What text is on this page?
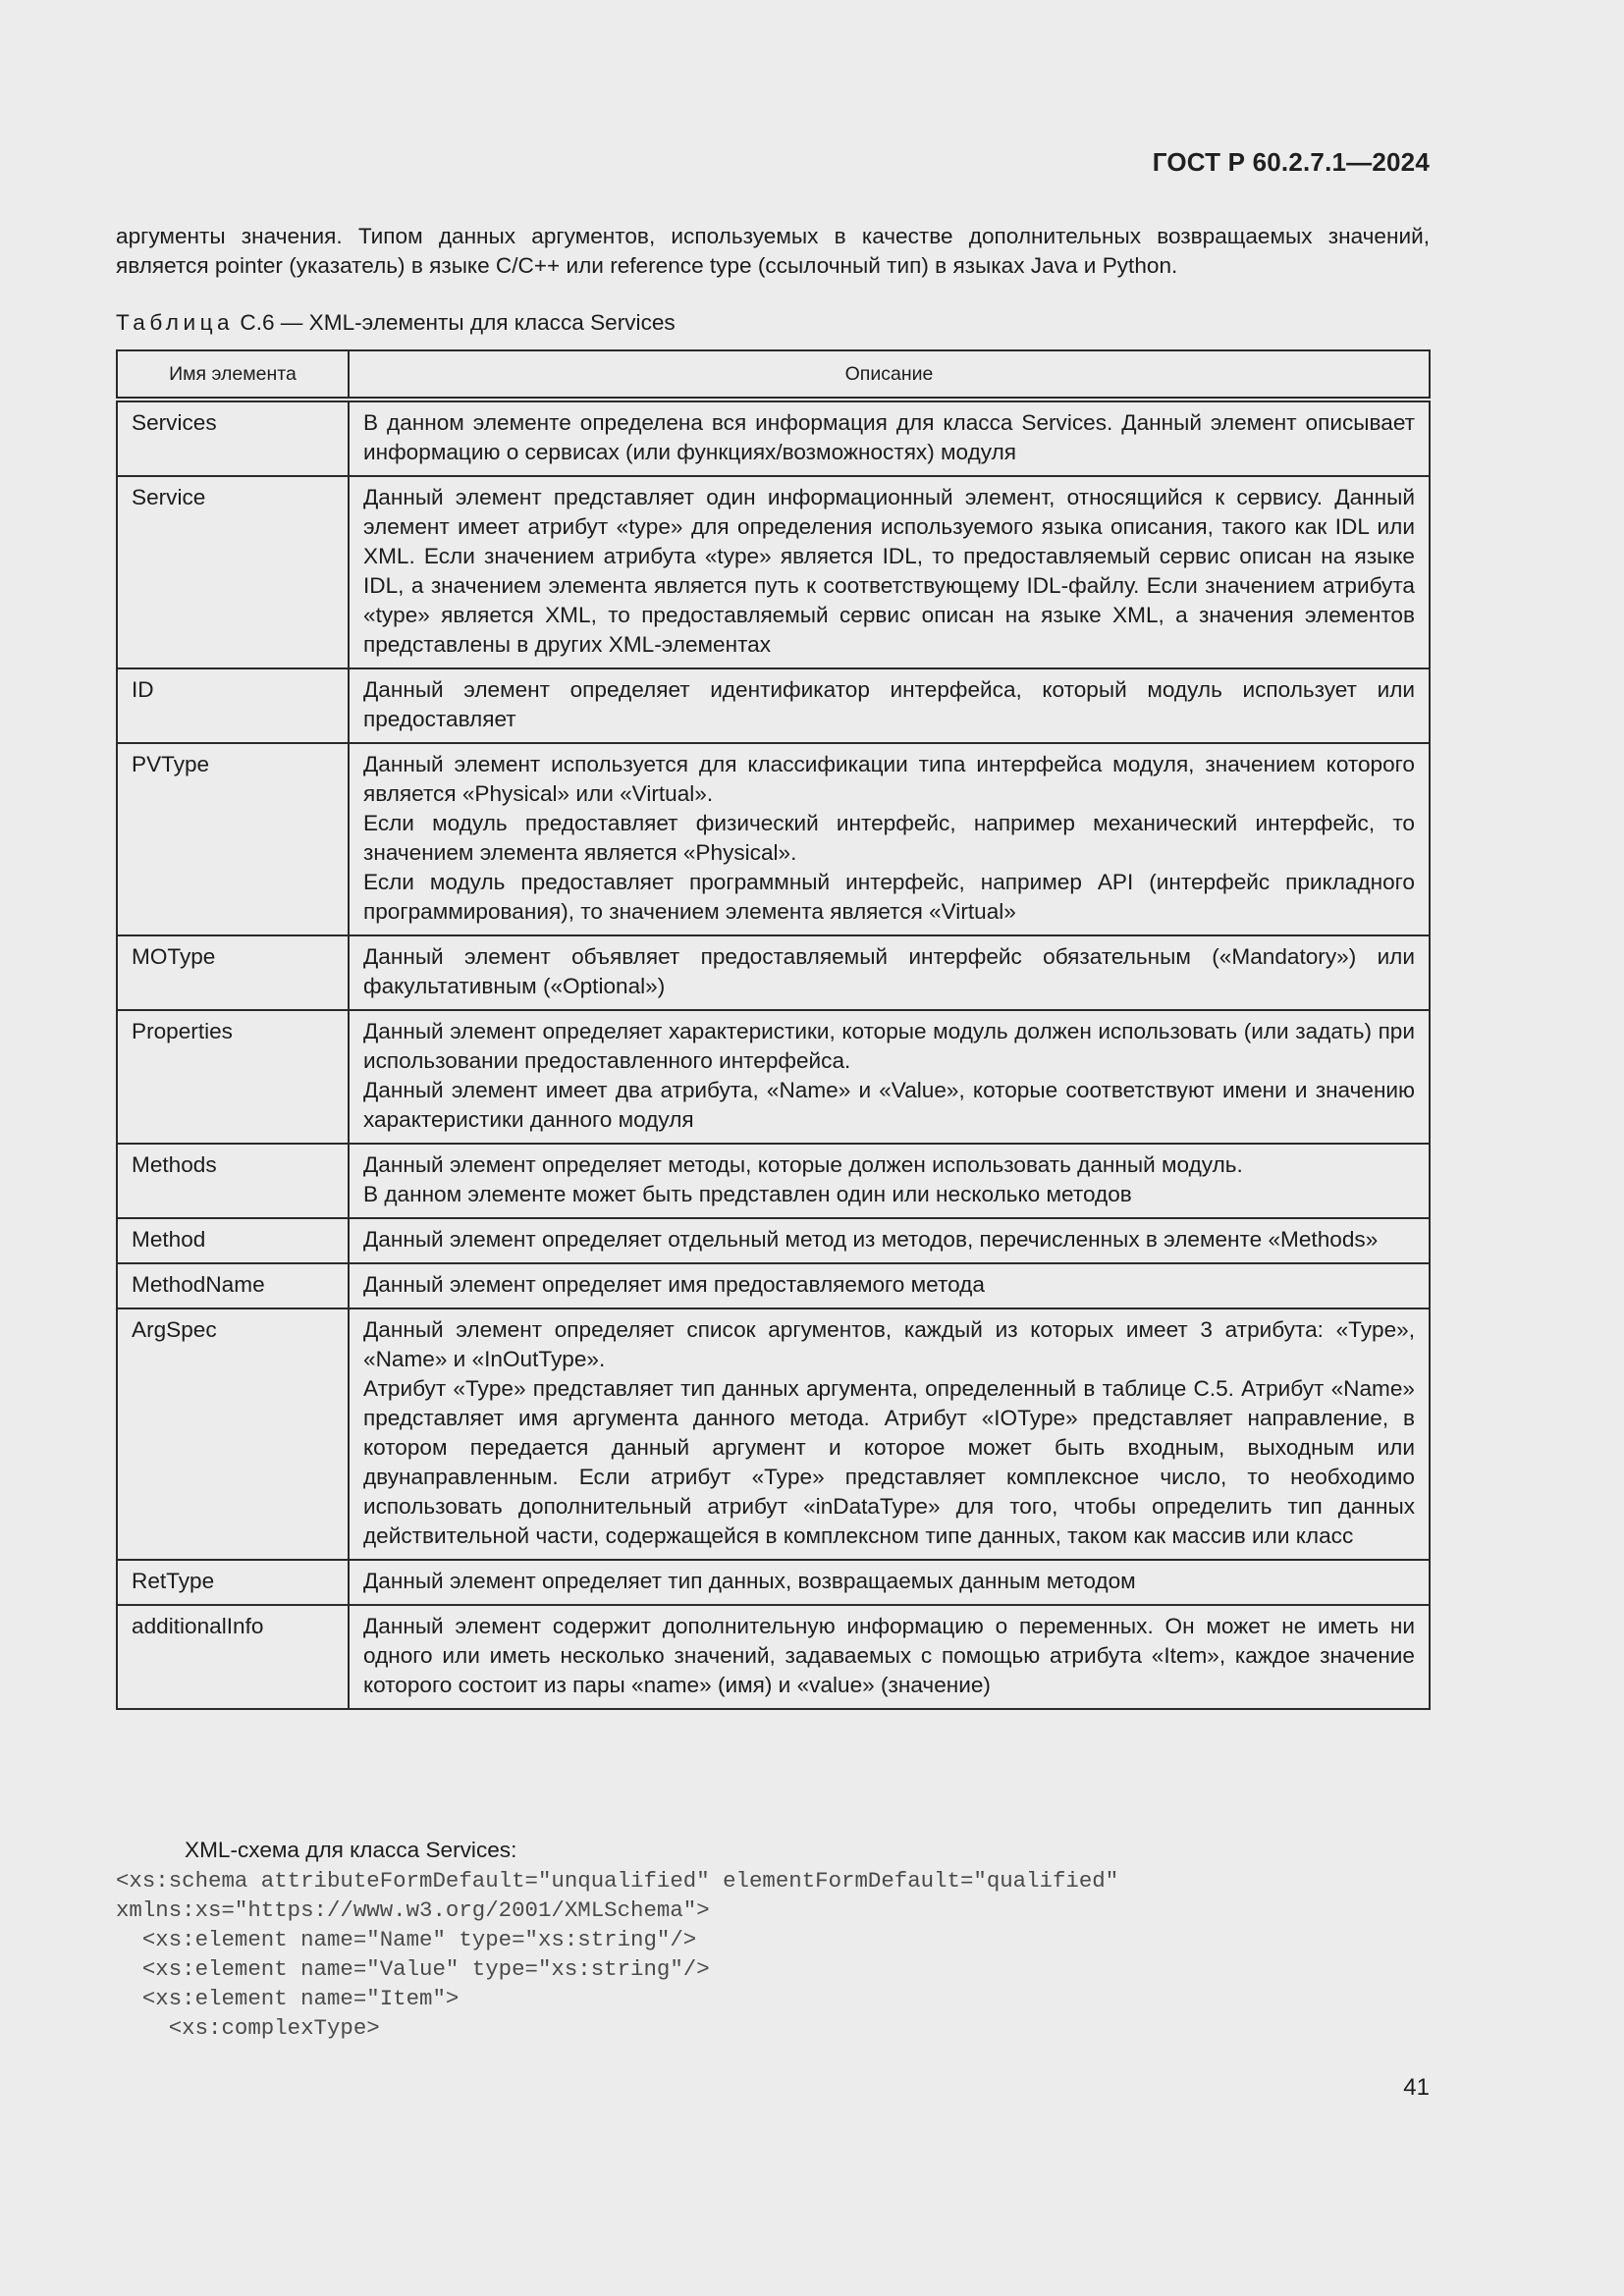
ГОСТ Р 60.2.7.1—2024

аргументы значения. Типом данных аргументов, используемых в качестве дополнительных возвращаемых значений, является pointer (указатель) в языке C/C++ или reference type (ссылочный тип) в языках Java и Python.

Таблица С.6 — XML-элементы для класса Services
Имя элемента	Описание
Services	В данном элементе определена вся информация для класса Services. Данный элемент описывает информацию о сервисах (или функциях/возможностях) модуля

Service	Данный элемент представляет один информационный элемент, относящийся к сервису. Данный элемент имеет атрибут «type» для определения используемого языка описания, такого как IDL или XML. Если значением атрибута «type» является IDL, то предоставляемый сервис описан на языке IDL, а значением элемента является путь к соответствующему IDL-файлу. Если значением атрибута «type» является XML, то предоставляемый сервис описан на языке XML, а значения элементов представлены в других XML-элементах

ID	Данный элемент определяет идентификатор интерфейса, который модуль использует или предоставляет

PVType	Данный элемент используется для классификации типа интерфейса модуля, значением которого является «Physical» или «Virtual».
Если модуль предоставляет физический интерфейс, например механический интерфейс, то значением элемента является «Physical».
Если модуль предоставляет программный интерфейс, например API (интерфейс прикладного программирования), то значением элемента является «Virtual»

MOType	Данный элемент объявляет предоставляемый интерфейс обязательным («Mandatory») или факультативным («Optional»)

Properties	Данный элемент определяет характеристики, которые модуль должен использовать (или задать) при использовании предоставленного интерфейса.
Данный элемент имеет два атрибута, «Name» и «Value», которые соответствуют имени и значению характеристики данного модуля

Methods	Данный элемент определяет методы, которые должен использовать данный модуль.
В данном элементе может быть представлен один или несколько методов

Method	Данный элемент определяет отдельный метод из методов, перечисленных в элементе «Methods»

MethodName	Данный элемент определяет имя предоставляемого метода

ArgSpec	Данный элемент определяет список аргументов, каждый из которых имеет 3 атрибута: «Type», «Name» и «InOutType».
Атрибут «Type» представляет тип данных аргумента, определенный в таблице С.5. Атрибут «Name» представляет имя аргумента данного метода. Атрибут «IOType» представляет направление, в котором передается данный аргумент и которое может быть входным, выходным или двунаправленным. Если атрибут «Type» представляет комплексное число, то необходимо использовать дополнительный атрибут «inDataType» для того, чтобы определить тип данных действительной части, содержащейся в комплексном типе данных, таком как массив или класс

RetType	Данный элемент определяет тип данных, возвращаемых данным методом

additionalInfo	Данный элемент содержит дополнительную информацию о переменных. Он может не иметь ни одного или иметь несколько значений, задаваемых с помощью атрибута «Item», каждое значение которого состоит из пары «name» (имя) и «value» (значение)
XML-схема для класса Services:
<xs:schema attributeFormDefault="unqualified" elementFormDefault="qualified"
xmlns:xs="https://www.w3.org/2001/XMLSchema">
<xs:element name="Name" type="xs:string"/>
<xs:element name="Value" type="xs:string"/>
<xs:element name="Item">
<xs:complexType>
41
